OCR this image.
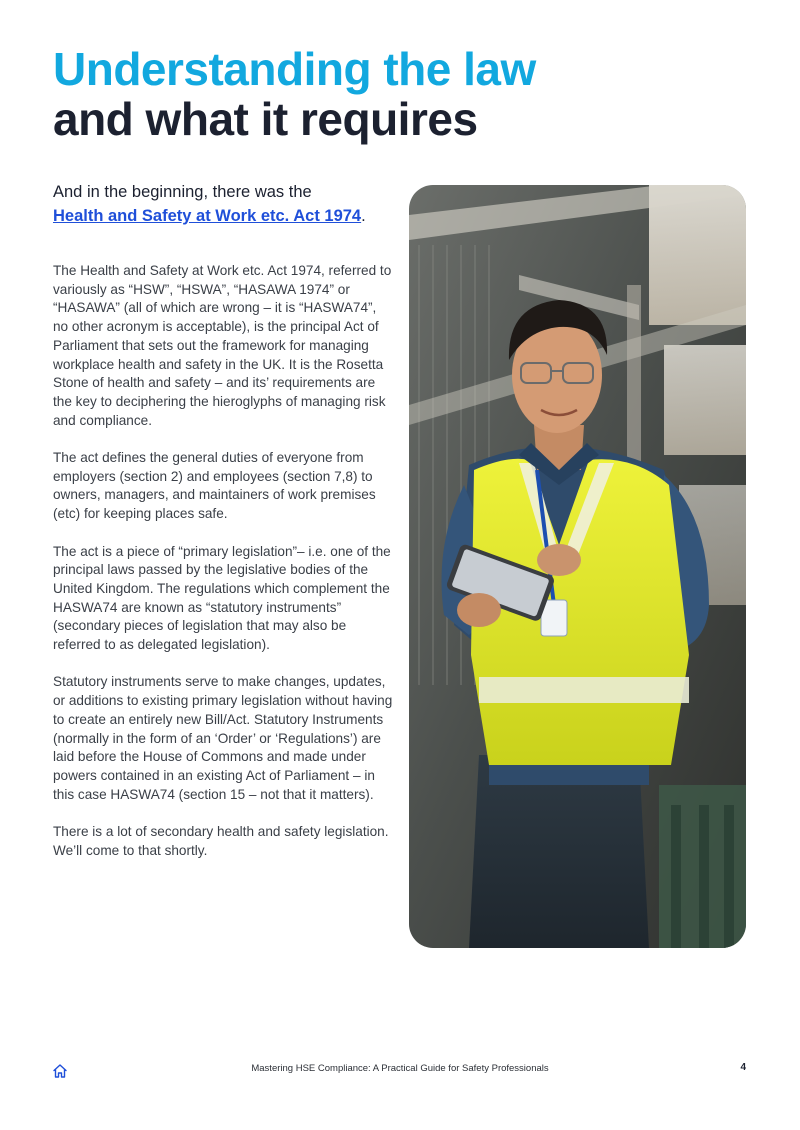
Understanding the law
and what it requires

And in the beginning, there was the
Health and Safety at Work etc. Act 1974.

The Health and Safety at Work etc. Act 1974, referred to variously as “HSW”, “HSWA”, “HASAWA 1974” or “HASAWA” (all of which are wrong – it is “HASWA74”, no other acronym is acceptable), is the principal Act of Parliament that sets out the framework for managing workplace health and safety in the UK. It is the Rosetta Stone of health and safety – and its’ requirements are the key to deciphering the hieroglyphs of managing risk and compliance.

The act defines the general duties of everyone from employers (section 2) and employees (section 7,8) to owners, managers, and maintainers of work premises (etc) for keeping places safe.

The act is a piece of “primary legislation”– i.e. one of the principal laws passed by the legislative bodies of the United Kingdom. The regulations which complement the HASWA74 are known as “statutory instruments” (secondary pieces of legislation that may also be referred to as delegated legislation).

Statutory instruments serve to make changes, updates, or additions to existing primary legislation without having to create an entirely new Bill/Act. Statutory Instruments (normally in the form of an ‘Order’ or ‘Regulations’) are laid before the House of Commons and made under powers contained in an existing Act of Parliament – in this case HASWA74 (section 15 – not that it matters).

There is a lot of secondary health and safety legislation. We’ll come to that shortly.

Mastering HSE Compliance: A Practical Guide for Safety Professionals	4
